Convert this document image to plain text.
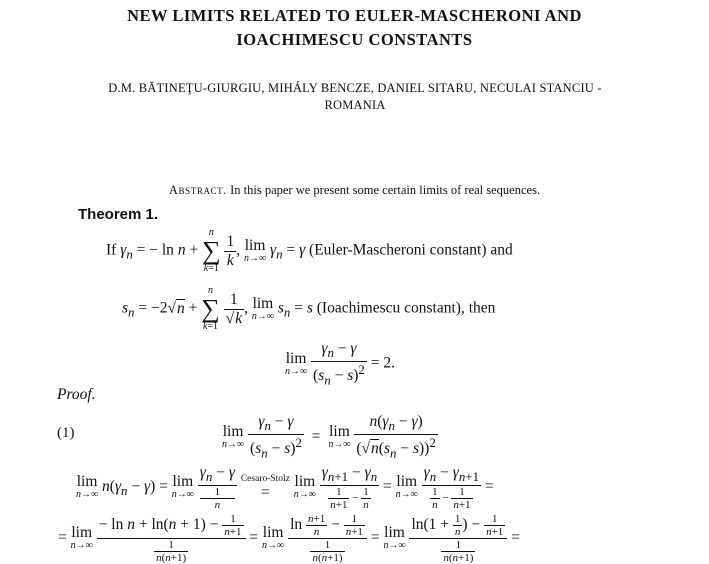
NEW LIMITS RELATED TO EULER-MASCHERONI AND
IOACHIMESCU CONSTANTS
D.M. BĂTINEŢU-GIURGIU, MIHÁLY BENCZE, DANIEL SITARU, NECULAI STANCIU -
ROMANIA
Abstract. In this paper we present some certain limits of real sequences.
Theorem 1.
If $\gamma_n$ = − ln n +
n
∑
k=1
$\frac{1}{k}$ , lim
n→∞ $\gamma_n = \gamma$ (Euler-Mascheroni constant) and
$s_n = -2√n$ +
n
∑
k=1
$\frac{1}{√k}$ , lim
n→∞ $s_n = s$ (Ioachimescu constant), then
lim
n→∞
$\frac{\gamma_n - \gamma}{(s_n - s)^2} = 2$.
Proof.
(1)	lim
n→∞
$\frac{\gamma_n - \gamma}{(s_n - s)^2} = \lim$
n→∞
$\frac{n(\gamma_n - \gamma)}{(√n(s_n - s))^2}$
lim
n→∞ $n(\gamma_n - \gamma) = \lim$
n→∞
$\gamma_n - \gamma$
1
n
Cesaro-Stolz
=
lim
n→∞
$\frac{\gamma_{n+1} - \gamma_n}{\frac{1}{n+1} - \frac{1}{n}} = \lim$
n→∞
$\frac{\gamma_n - \gamma_{n+1}}{\frac{1}{n} - \frac{1}{n+1}}$ =
= lim
n→∞
$\frac{- \ln n + \ln(n + 1) - \frac{1}{n+1}}{\frac{1}{n(n+1)}} = \lim$
n→∞
$\frac{\ln \frac{n+1}{n} - \frac{1}{n+1}}{\frac{1}{n(n+1)}} = \lim$
n→∞
$\frac{\ln(1 + \frac{1}{n} ) - \frac{1}{n+1}}{\frac{1}{n(n+1)}}$ =
